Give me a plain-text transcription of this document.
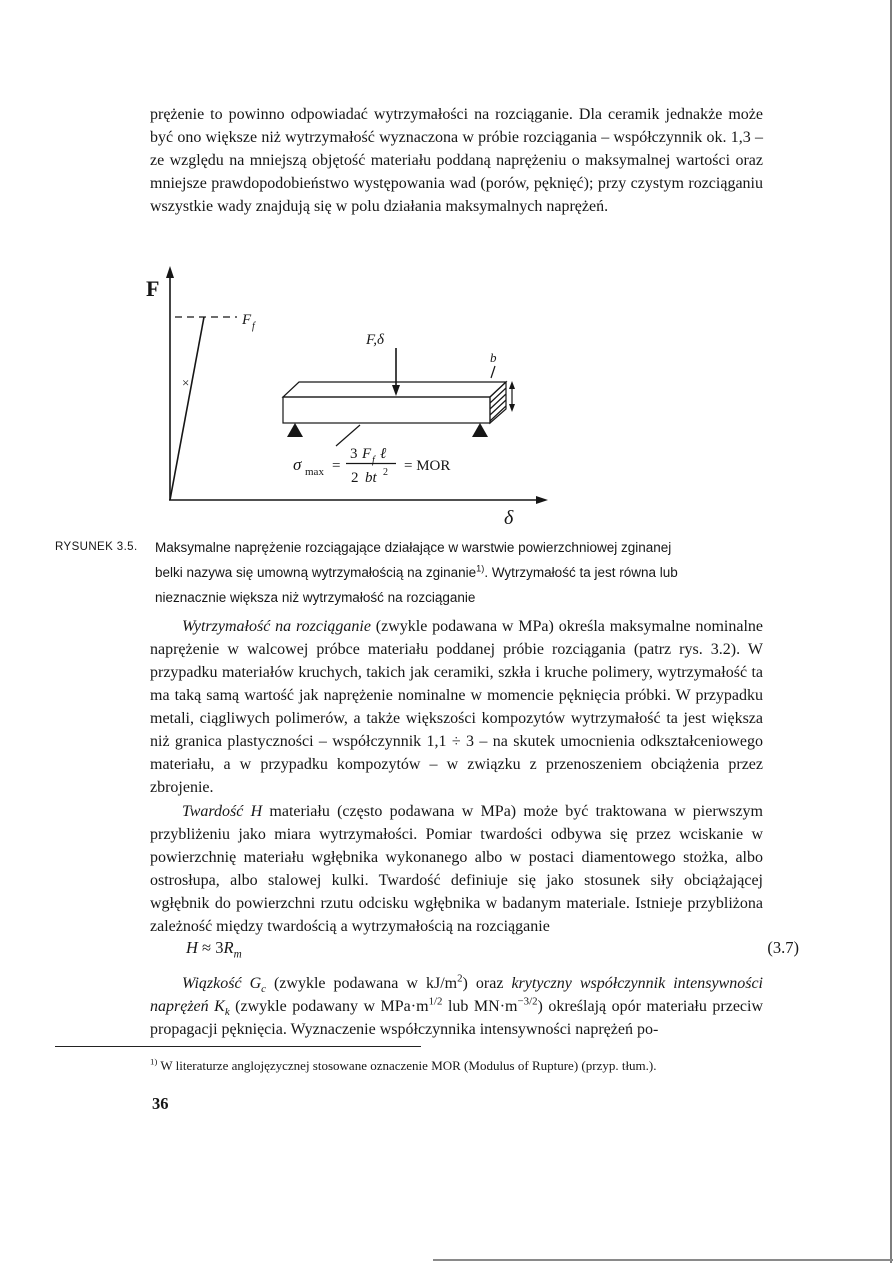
prężenie to powinno odpowiadać wytrzymałości na rozciąganie. Dla ceramik jednakże może być ono większe niż wytrzymałość wyznaczona w próbie rozciągania – współczynnik ok. 1,3 – ze względu na mniejszą objętość materiału poddaną naprężeniu o maksymalnej wartości oraz mniejsze prawdopodobieństwo występowania wad (porów, pęknięć); przy czystym rozciąganiu wszystkie wady znajdują się w polu działania maksymalnych naprężeń.

F
δ
F f
×
F,δ
b
σ max =
3 F f ℓ
2 bt 2 = MOR
RYSUNEK 3.5. Maksymalne naprężenie rozciągające działające w warstwie powierzchniowej zginanej belki nazywa się umowną wytrzymałością na zginanie$^{1)}$. Wytrzymałość ta jest równa lub nieznacznie większa niż wytrzymałość na rozciąganie

Wytrzymałość na rozciąganie (zwykle podawana w MPa) określa maksymalne nominalne naprężenie w walcowej próbce materiału poddanej próbie rozciągania (patrz rys. 3.2). W przypadku materiałów kruchych, takich jak ceramiki, szkła i kruche polimery, wytrzymałość ta ma taką samą wartość jak naprężenie nominalne w momencie pęknięcia próbki. W przypadku metali, ciągliwych polimerów, a także większości kompozytów wytrzymałość ta jest większa niż granica plastyczności – współczynnik 1,1 ÷ 3 – na skutek umocnienia odkształceniowego materiału, a w przypadku kompozytów – w związku z przenoszeniem obciążenia przez zbrojenie.

Twardość H materiału (często podawana w MPa) może być traktowana w pierwszym przybliżeniu jako miara wytrzymałości. Pomiar twardości odbywa się przez wciskanie w powierzchnię materiału wgłębnika wykonanego albo w postaci diamentowego stożka, albo ostrosłupa, albo stalowej kulki. Twardość definiuje się jako stosunek siły obciążającej wgłębnik do powierzchni rzutu odcisku wgłębnika w badanym materiale. Istnieje przybliżona zależność między twardością a wytrzymałością na rozciąganie

$H \approx 3R_m$	(3.7)

Wiązkość $G_c$ (zwykle podawana w $kJ/m^2$) oraz krytyczny współczynnik intensywności naprężeń $K_k$ (zwykle podawany w $MPa\cdot m^{1/2}$ lub $MN\cdot m^{-3/2}$) określają opór materiału przeciw propagacji pęknięcia. Wyznaczenie współczynnika intensywności naprężeń po-

$^{1)}$ W literaturze anglojęzycznej stosowane oznaczenie MOR (Modulus of Rupture) (przyp. tłum.).

36
